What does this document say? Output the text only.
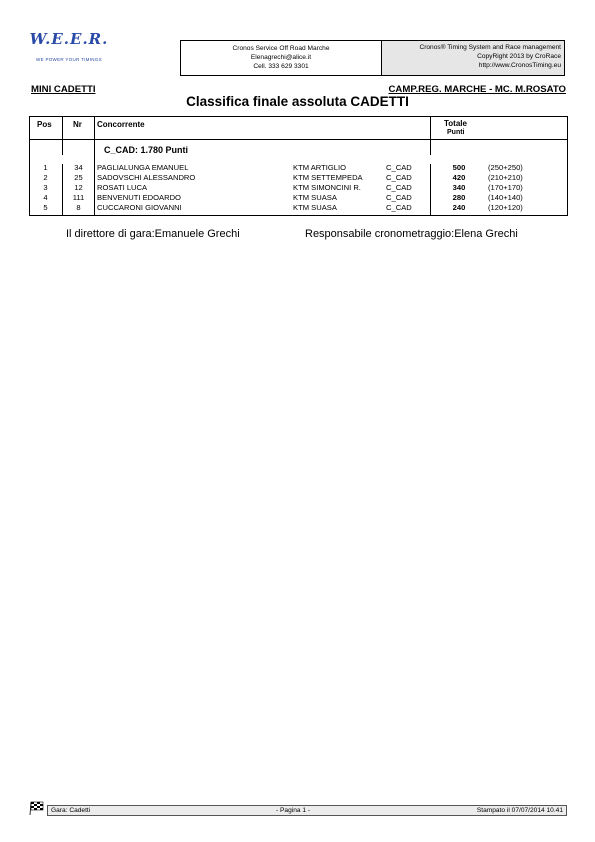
W.E.E.R.
WE POWER YOUR TIMINGS
Cronos Service Off Road Marche
Elenagrechi@alice.it
Cell. 333 629 3301
Cronos® Timing System and Race management
CopyRight 2013 by CroRace
http://www.CronosTiming.eu
MINI CADETTI	CAMP.REG. MARCHE - MC. M.ROSATO
Classifica finale assoluta CADETTI
Pos	Nr Concorrente	Totale
Punti
C_CAD: 1.780 Punti
1	34	PAGLIALUNGA EMANUEL	KTM ARTIGLIO	C_CAD	500	(250+250)
2	25	SADOVSCHI ALESSANDRO	KTM SETTEMPEDA	C_CAD	420	(210+210)
3	12	ROSATI LUCA	KTM SIMONCINI R.	C_CAD	340	(170+170)
4	111	BENVENUTI EDOARDO	KTM SUASA	C_CAD	280	(140+140)
5	8	CUCCARONI GIOVANNI	KTM SUASA	C_CAD	240	(120+120)
Il direttore di gara:Emanuele Grechi	Responsabile cronometraggio:Elena Grechi
Gara: Cadetti	- Pagina 1 -	Stampato il 07/07/2014 10.41
